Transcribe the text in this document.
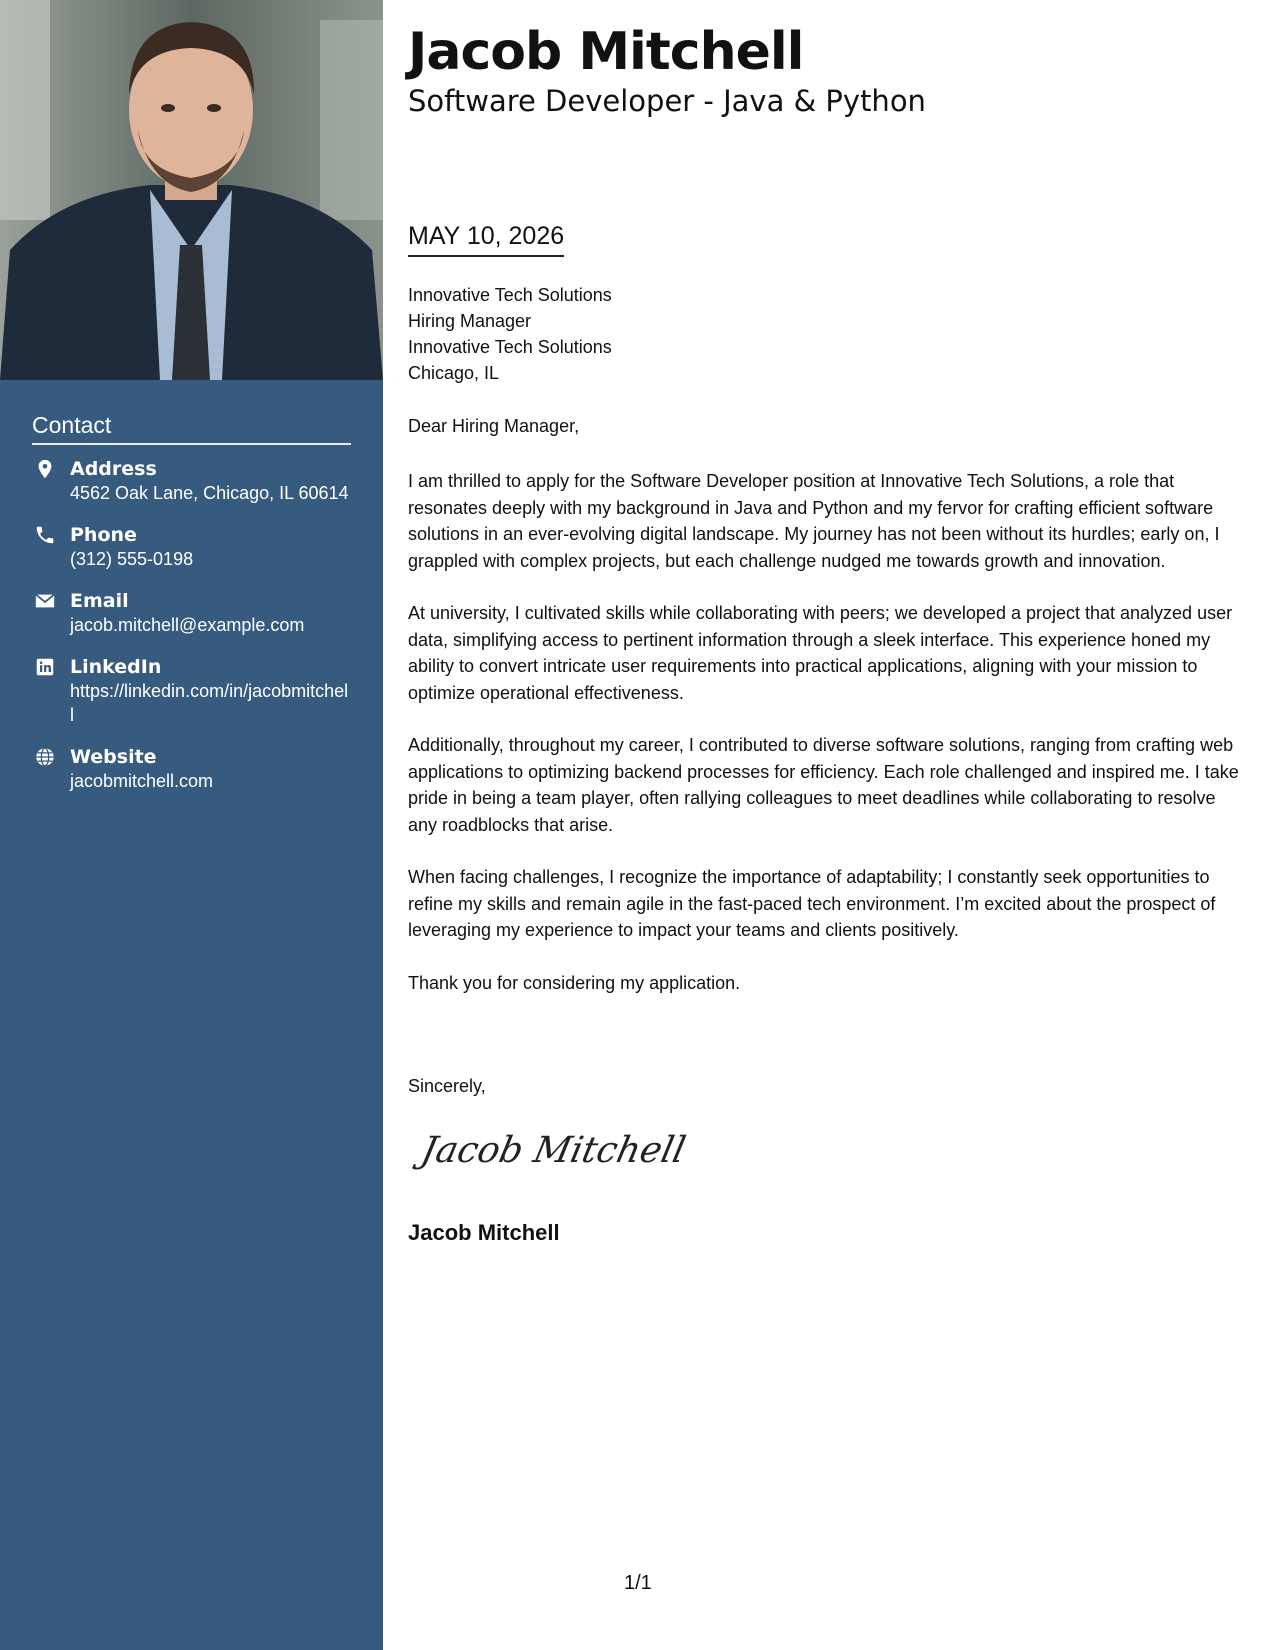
Contact
Address
4562 Oak Lane, Chicago, IL 60614
Phone
(312) 555-0198
Email
jacob.mitchell@example.com
LinkedIn
https://linkedin.com/in/jacobmitchell
Website
jacobmitchell.com
Jacob Mitchell
Software Developer - Java & Python
MAY 10, 2026
Innovative Tech Solutions
Hiring Manager
Innovative Tech Solutions
Chicago, IL
Dear Hiring Manager,

I am thrilled to apply for the Software Developer position at Innovative Tech Solutions, a role that resonates deeply with my background in Java and Python and my fervor for crafting efficient software solutions in an ever-evolving digital landscape. My journey has not been without its hurdles; early on, I grappled with complex projects, but each challenge nudged me towards growth and innovation.

At university, I cultivated skills while collaborating with peers; we developed a project that analyzed user data, simplifying access to pertinent information through a sleek interface. This experience honed my ability to convert intricate user requirements into practical applications, aligning with your mission to optimize operational effectiveness.

Additionally, throughout my career, I contributed to diverse software solutions, ranging from crafting web applications to optimizing backend processes for efficiency. Each role challenged and inspired me. I take pride in being a team player, often rallying colleagues to meet deadlines while collaborating to resolve any roadblocks that arise.

When facing challenges, I recognize the importance of adaptability; I constantly seek opportunities to refine my skills and remain agile in the fast-paced tech environment. I’m excited about the prospect of leveraging my experience to impact your teams and clients positively.

Thank you for considering my application.

Sincerely,
Jacob Mitchell
Jacob Mitchell
1/1
